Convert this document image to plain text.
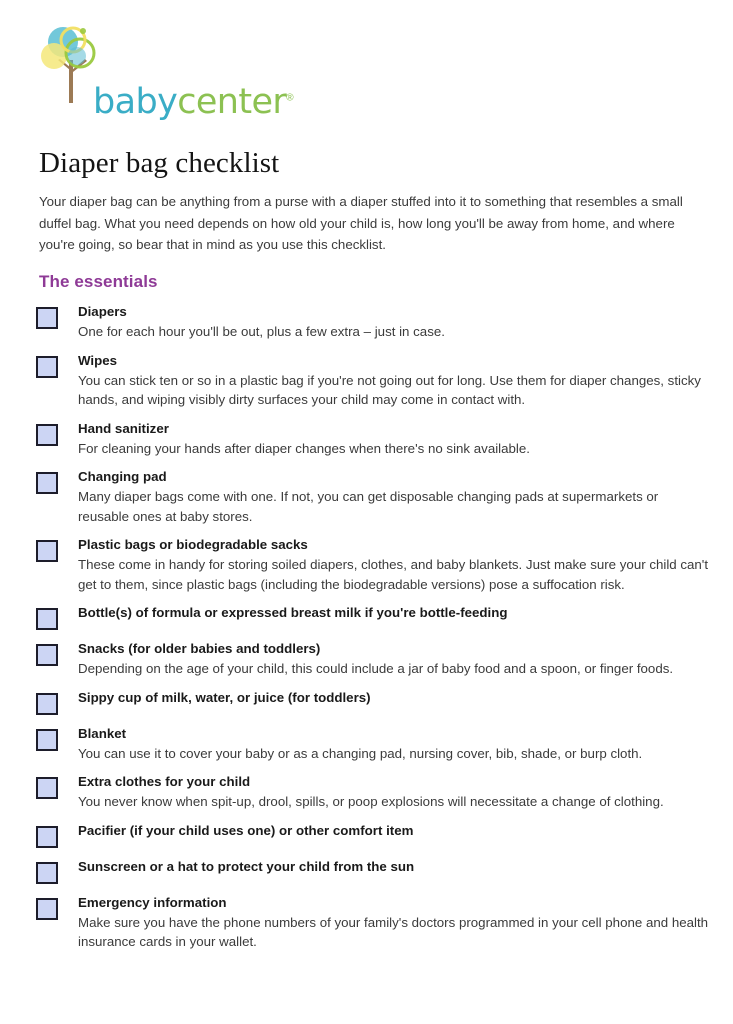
babycenter®
Diaper bag checklist

Your diaper bag can be anything from a purse with a diaper stuffed into it to something that resembles a small duffel bag. What you need depends on how old your child is, how long you'll be away from home, and where you're going, so bear that in mind as you use this checklist.

The essentials
Diapers
One for each hour you'll be out, plus a few extra – just in case.
Wipes
You can stick ten or so in a plastic bag if you're not going out for long. Use them for diaper changes, sticky hands, and wiping visibly dirty surfaces your child may come in contact with.
Hand sanitizer
For cleaning your hands after diaper changes when there's no sink available.
Changing pad
Many diaper bags come with one. If not, you can get disposable changing pads at supermarkets or reusable ones at baby stores.
Plastic bags or biodegradable sacks
These come in handy for storing soiled diapers, clothes, and baby blankets. Just make sure your child can't get to them, since plastic bags (including the biodegradable versions) pose a suffocation risk.
Bottle(s) of formula or expressed breast milk if you're bottle-feeding
Snacks (for older babies and toddlers)
Depending on the age of your child, this could include a jar of baby food and a spoon, or finger foods.
Sippy cup of milk, water, or juice (for toddlers)
Blanket
You can use it to cover your baby or as a changing pad, nursing cover, bib, shade, or burp cloth.
Extra clothes for your child
You never know when spit-up, drool, spills, or poop explosions will necessitate a change of clothing.
Pacifier (if your child uses one) or other comfort item
Sunscreen or a hat to protect your child from the sun
Emergency information
Make sure you have the phone numbers of your family's doctors programmed in your cell phone and health insurance cards in your wallet.
